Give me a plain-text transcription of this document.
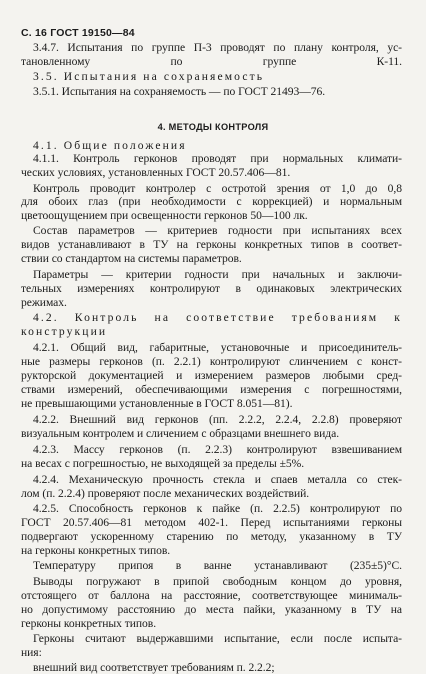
С. 16 ГОСТ 19150—84
4. МЕТОДЫ КОНТРОЛЯ
3.4.7. Испытания по группе П-3 проводят по плану контроля, ус-
тановленному по группе К-11.
3.5. Испытания на сохраняемость
3.5.1. Испытания на сохраняемость — по ГОСТ 21493—76.
4.1. Общие положения
4.1.1. Контроль герконов проводят при нормальных климати-
ческих условиях, установленных ГОСТ 20.57.406—81.
Контроль проводит контролер с остротой зрения от 1,0 до 0,8
для обоих глаз (при необходимости с коррекцией) и нормальным
цветоощущением при освещенности герконов 50—100 лк.
Состав параметров — критериев годности при испытаниях всех
видов устанавливают в ТУ на герконы конкретных типов в соответ-
ствии со стандартом на системы параметров.
Параметры — критерии годности при начальных и заключи-
тельных измерениях контролируют в одинаковых электрических
режимах.
4.2. Контроль на соответствие требованиям к
конструкции
4.2.1. Общий вид, габаритные, установочные и присоединитель-
ные размеры герконов (п. 2.2.1) контролируют слинчением с конст-
рукторской документацией и измерением размеров любыми сред-
ствами измерений, обеспечивающими измерения с погрешностями,
не превышающими установленные в ГОСТ 8.051—81).
4.2.2. Внешний вид герконов (пп. 2.2.2, 2.2.4, 2.2.8) проверяют
визуальным контролем и сличением с образцами внешнего вида.
4.2.3. Массу герконов (п. 2.2.3) контролируют взвешиванием
на весах с погрешностью, не выходящей за пределы ±5%.
4.2.4. Механическую прочность стекла и спаев металла со стек-
лом (п. 2.2.4) проверяют после механических воздействий.
4.2.5. Способность герконов к пайке (п. 2.2.5) контролируют по
ГОСТ 20.57.406—81 методом 402-1. Перед испытаниями герконы
подвергают ускоренному старению по методу, указанному в ТУ
на герконы конкретных типов.
Температуру припоя в ванне устанавливают (235±5)°С.
Выводы погружают в припой свободным концом до уровня,
отстоящего от баллона на расстояние, соответствующее минималь-
но допустимому расстоянию до места пайки, указанному в ТУ на
герконы конкретных типов.
Герконы считают выдержавшими испытание, если после испыта-
ния:
внешний вид соответствует требованиям п. 2.2.2;
